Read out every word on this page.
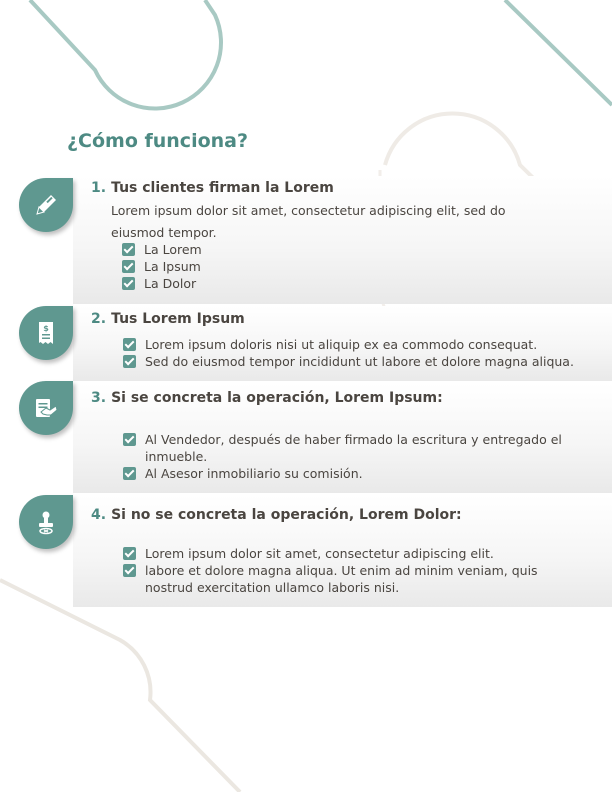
¿Cómo funciona?
1. Tus clientes firman la Lorem

Lorem ipsum dolor sit amet, consectetur adipiscing elit, sed do eiusmod tempor.

La Lorem
La Ipsum
La Dolor
$
2. Tus Lorem Ipsum
Lorem ipsum doloris nisi ut aliquip ex ea commodo consequat.
Sed do eiusmod tempor incididunt ut labore et dolore magna aliqua.
3. Si se concreta la operación, Lorem Ipsum:
Al Vendedor, después de haber firmado la escritura y entregado el inmueble.
Al Asesor inmobiliario su comisión.
4. Si no se concreta la operación, Lorem Dolor:
Lorem ipsum dolor sit amet, consectetur adipiscing elit.
labore et dolore magna aliqua. Ut enim ad minim veniam, quis nostrud exercitation ullamco laboris nisi.
